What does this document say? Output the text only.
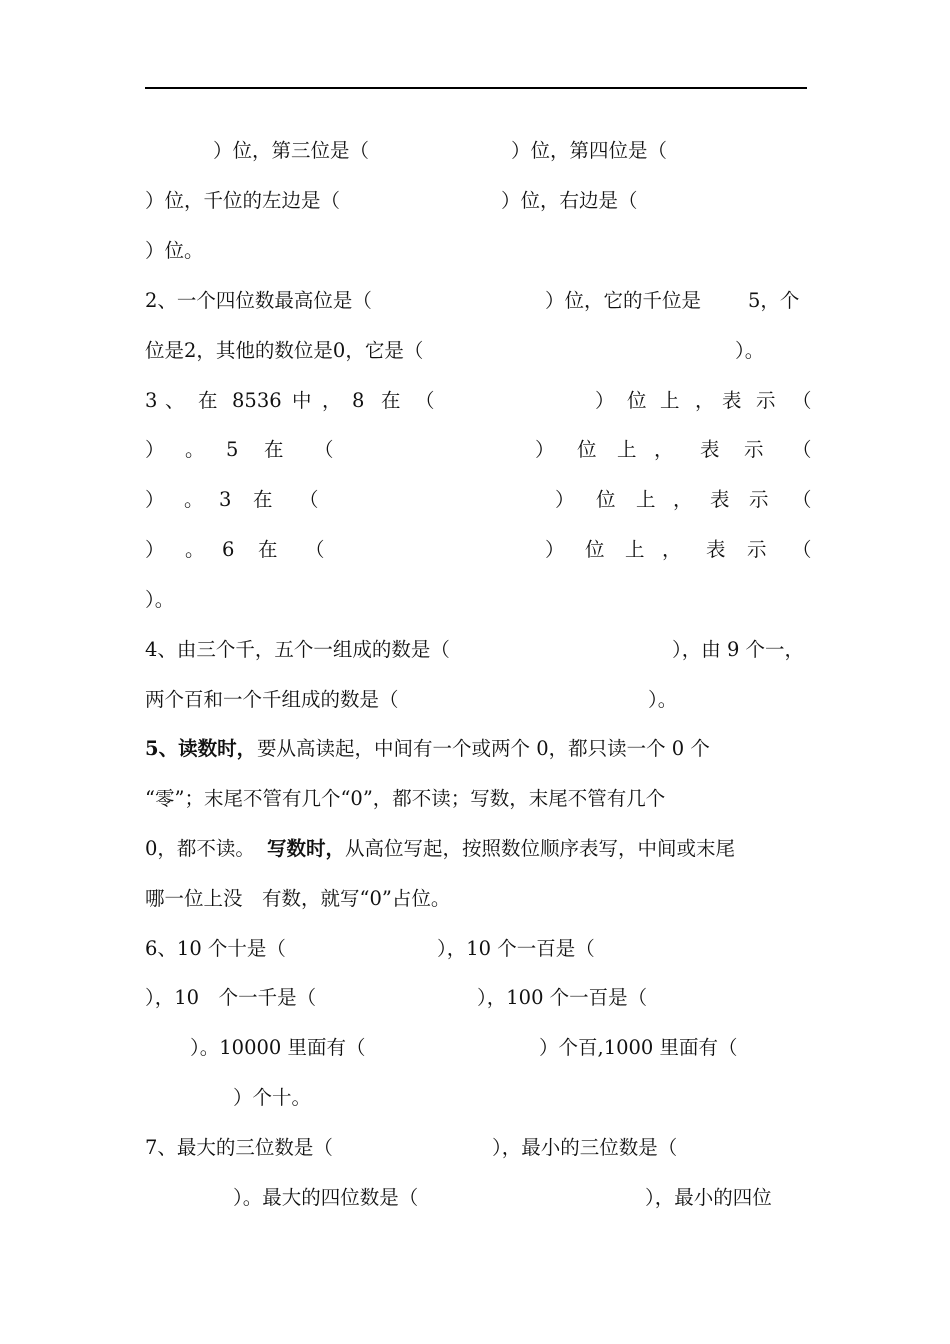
）位，第三位是（	）位，第四位是（
）位，千位的左边是（	）位，右边是（
）位。
2、一个四位数最高位是（	）位，它的千位是 5，个
位是2，其他的数位是0，它是（	）。
3 、 在 8536 中 ， 8 在 （	） 位 上 ， 表 示 （
） 。 5 在 （	） 位 上 ， 表 示 （
） 。 3 在 （	） 位 上 ， 表 示 （
） 。 6 在 （	） 位 上 ， 表 示 （
）。
4、由三个千，五个一组成的数是（	），由 9 个一，
两个百和一个千组成的数是（	）。
5、读数时， 要从高读起，中间有一个或两个 0，都只读一个 0 个
“零”；末尾不管有几个“0”，都不读；写数，末尾不管有几个
0，都不读。 写数时， 从高位写起，按照数位顺序表写，中间或末尾
哪一位上没　有数，就写“0”占位。
6、10 个十是（	），10 个一百是（
），10　个一千是（	），100 个一百是（
）。10000 里面有（	）个百,1000 里面有（
）个十。
7、最大的三位数是（	），最小的三位数是（
）。最大的四位数是（	），最小的四位
